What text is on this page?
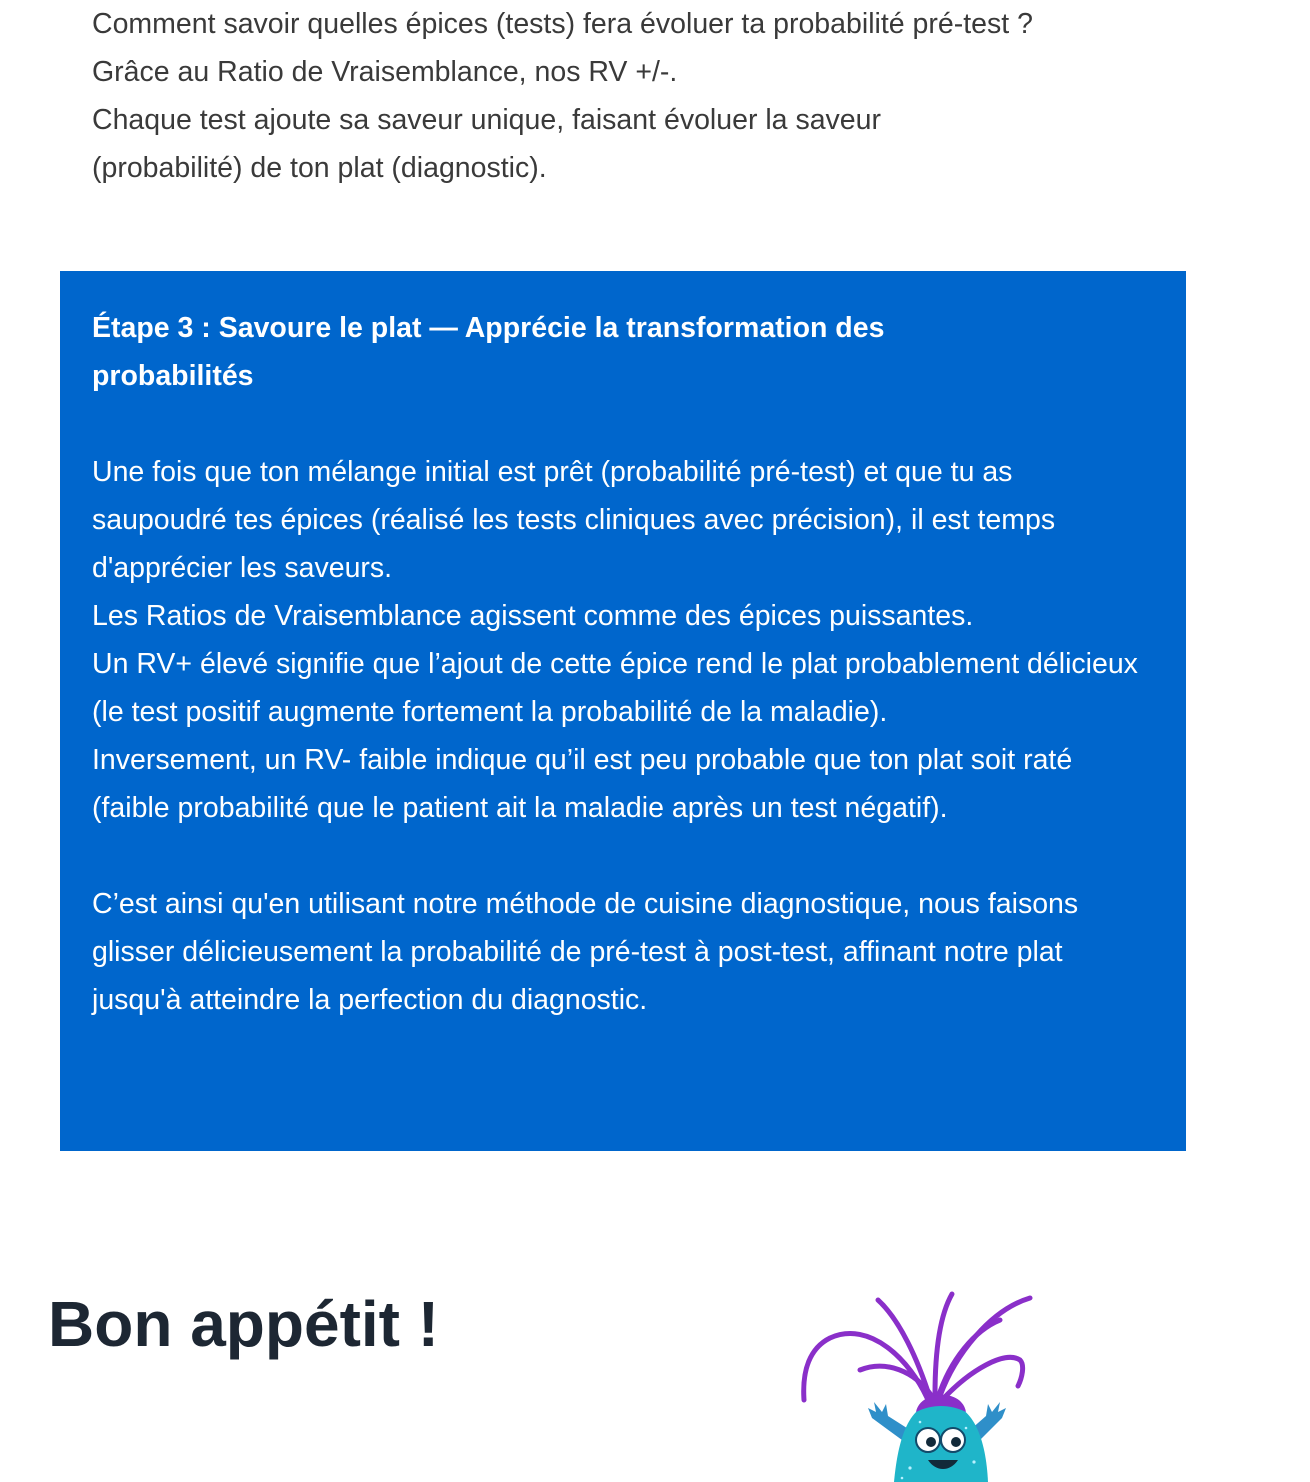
Comment savoir quelles épices (tests) fera évoluer ta probabilité pré-test ?

Grâce au Ratio de Vraisemblance, nos RV +/-.

Chaque test ajoute sa saveur unique, faisant évoluer la saveur (probabilité) de ton plat (diagnostic).

Étape 3 : Savoure le plat — Apprécie la transformation des probabilités

Une fois que ton mélange initial est prêt (probabilité pré-test) et que tu as saupoudré tes épices (réalisé les tests cliniques avec précision), il est temps d'apprécier les saveurs.

Les Ratios de Vraisemblance agissent comme des épices puissantes.

Un RV+ élevé signifie que l’ajout de cette épice rend le plat probablement délicieux (le test positif augmente fortement la probabilité de la maladie).

Inversement, un RV- faible indique qu’il est peu probable que ton plat soit raté (faible probabilité que le patient ait la maladie après un test négatif).

C’est ainsi qu'en utilisant notre méthode de cuisine diagnostique, nous faisons glisser délicieusement la probabilité de pré-test à post-test, affinant notre plat jusqu'à atteindre la perfection du diagnostic.

Bon appétit !
